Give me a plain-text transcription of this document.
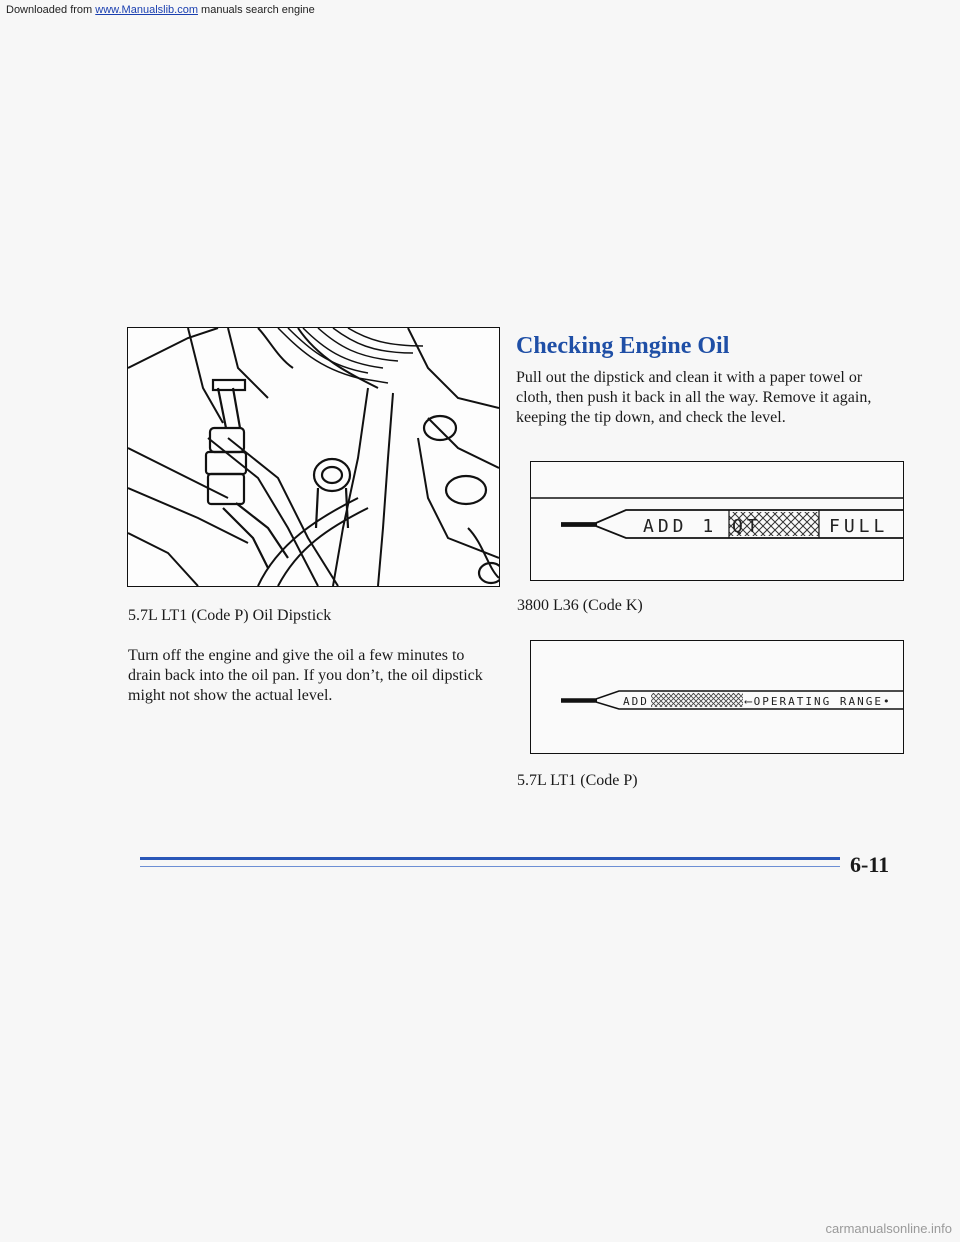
Downloaded from www.Manualslib.com manuals search engine
5.7L LT1 (Code P) Oil Dipstick
Turn off the engine and give the oil a few minutes to drain back into the oil pan. If you don’t, the oil dipstick might not show the actual level.
Checking Engine Oil
Pull out the dipstick and clean it with a paper towel or cloth, then push it back in all the way. Remove it again, keeping the tip down, and check the level.
ADD 1 QT	FULL
3800 L36 (Code K)
ADD	⟵OPERATING RANGE•
5.7L LT1 (Code P)
6-11
carmanualsonline.info
